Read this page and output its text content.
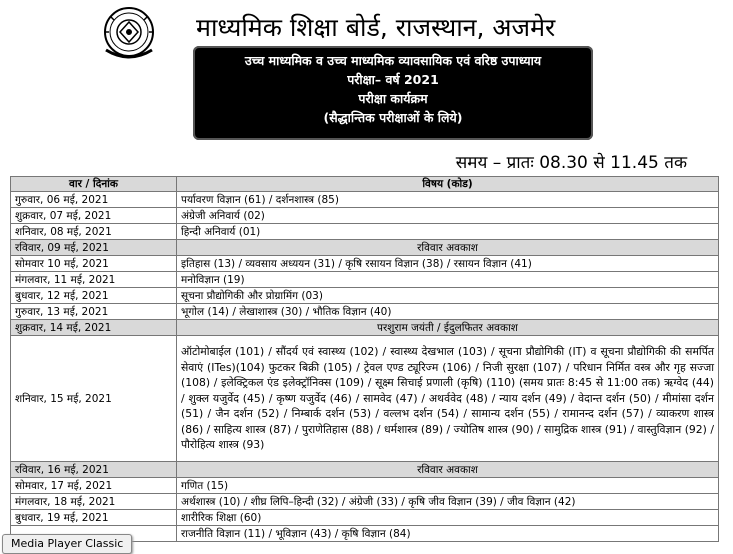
माध्यमिक शिक्षा बोर्ड, राजस्थान, अजमेर
उच्च माध्यमिक व उच्च माध्यमिक व्यावसायिक एवं वरिष्ठ उपाध्याय
परीक्षा– वर्ष 2021
परीक्षा कार्यक्रम
(सैद्धान्तिक परीक्षाओं के लिये)
समय – प्रातः 08.30 से 11.45 तक
वार / दिनांक	विषय (कोड)
गुरुवार, 06 मई, 2021	पर्यावरण विज्ञान (61) / दर्शनशास्त्र (85)
शुक्रवार, 07 मई, 2021	अंग्रेजी अनिवार्य (02)
शनिवार, 08 मई, 2021	हिन्दी अनिवार्य (01)
रविवार, 09 मई, 2021	रविवार अवकाश
सोमवार 10 मई, 2021	इतिहास (13) / व्यवसाय अध्ययन (31) / कृषि रसायन विज्ञान (38) / रसायन विज्ञान (41)
मंगलवार, 11 मई, 2021	मनोविज्ञान (19)
बुधवार, 12 मई, 2021	सूचना प्रौद्योगिकी और प्रोग्रामिंग (03)
गुरुवार, 13 मई, 2021	भूगोल (14) / लेखाशास्त्र (30) / भौतिक विज्ञान (40)
शुक्रवार, 14 मई, 2021	परशुराम जयंती / ईदुलफितर अवकाश
शनिवार, 15 मई, 2021	ऑटोमोबाईल (101) / सौंदर्य एवं स्वास्थ्य (102) / स्वास्थ्य देखभाल (103) / सूचना प्रौद्योगिकी (IT) व सूचना प्रौद्योगिकी की समर्पित सेवाएं (ITes)(104) फुटकर बिक्री (105) / ट्रेवल एण्ड ट्यूरिज्म (106) / निजी सुरक्षा (107) / परिधान निर्मित वस्त्र और गृह सज्जा (108) / इलेक्ट्रिकल एंड इलेक्ट्रॉनिक्स (109) / सूक्ष्म सिचाई प्रणाली (कृषि) (110) (समय प्रातः 8:45 से 11:00 तक) ऋग्वेद (44) / शुक्ल यजुर्वेद (45) / कृष्ण यजुर्वेद (46) / सामवेद (47) / अथर्ववेद (48) / न्याय दर्शन (49) / वेदान्त दर्शन (50) / मीमांसा दर्शन (51) / जैन दर्शन (52) / निम्बार्क दर्शन (53) / वल्लभ दर्शन (54) / सामान्य दर्शन (55) / रामानन्द दर्शन (57) / व्याकरण शास्त्र (86) / साहित्य शास्त्र (87) / पुराणेतिहास (88) / धर्मशास्त्र (89) / ज्योतिष शास्त्र (90) / सामुद्रिक शास्त्र (91) / वास्तुविज्ञान (92) / पौरोहित्य शास्त्र (93)
रविवार, 16 मई, 2021	रविवार अवकाश
सोमवार, 17 मई, 2021	गणित (15)
मंगलवार, 18 मई, 2021	अर्थशास्त्र (10) / शीघ्र लिपि–हिन्दी (32) / अंग्रेजी (33) / कृषि जीव विज्ञान (39) / जीव विज्ञान (42)
बुधवार, 19 मई, 2021	शारीरिक शिक्षा (60)
	राजनीति विज्ञान (11) / भूविज्ञान (43) / कृषि विज्ञान (84)
Media Player Classic
